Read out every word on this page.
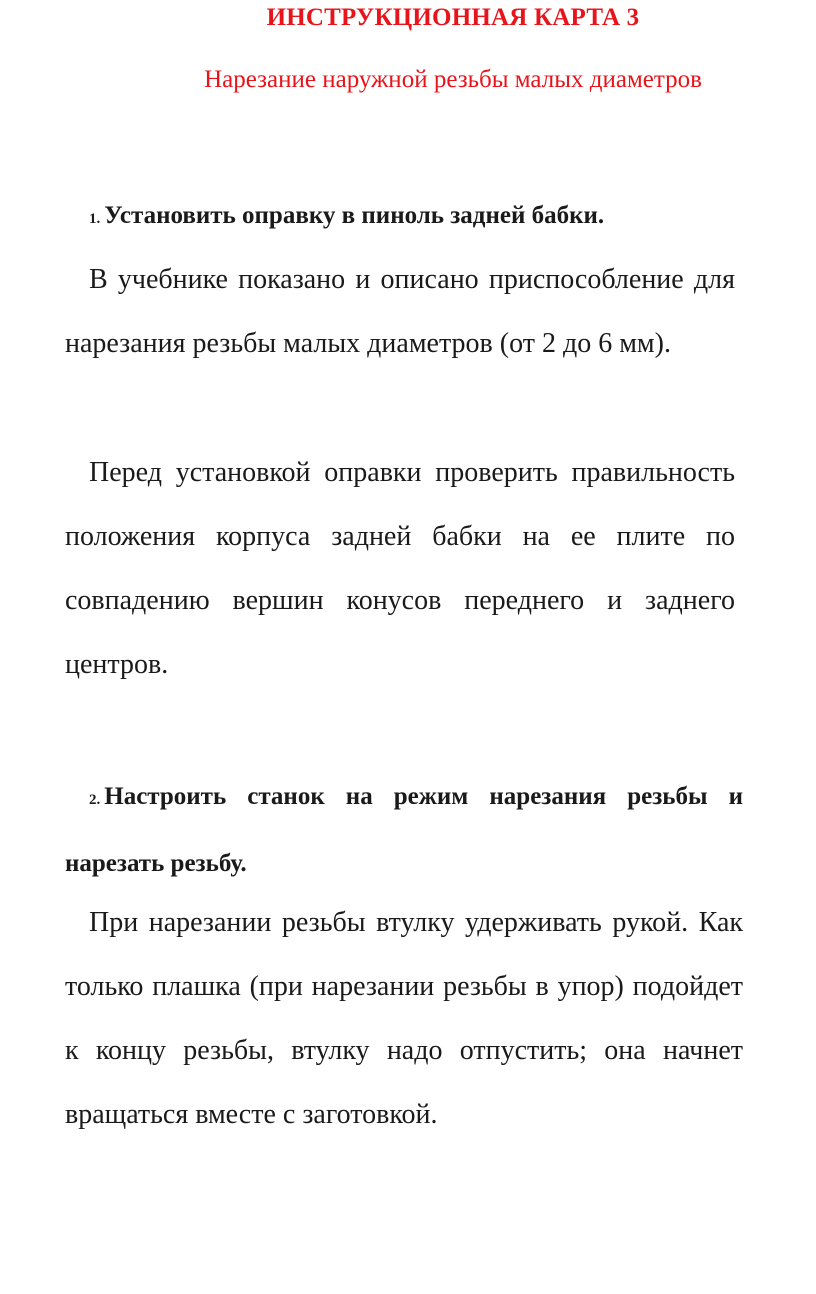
ИНСТРУКЦИОННАЯ КАРТА 3
Нарезание наружной резьбы малых диаметров
1. Установить оправку в пиноль задней бабки.
В учебнике показано и описано приспособление для нарезания резьбы малых диаметров (от 2 до 6 мм).
Перед установкой оправки проверить правильность положения корпуса задней бабки на ее плите по совпадению вершин конусов переднего и заднего центров.
2. Настроить станок на режим нарезания резьбы и нарезать резьбу.
При нарезании резьбы втулку удерживать рукой. Как только плашка (при нарезании резьбы в упор) подойдет к концу резьбы, втулку надо отпустить; она начнет вращаться вместе с заготовкой.
